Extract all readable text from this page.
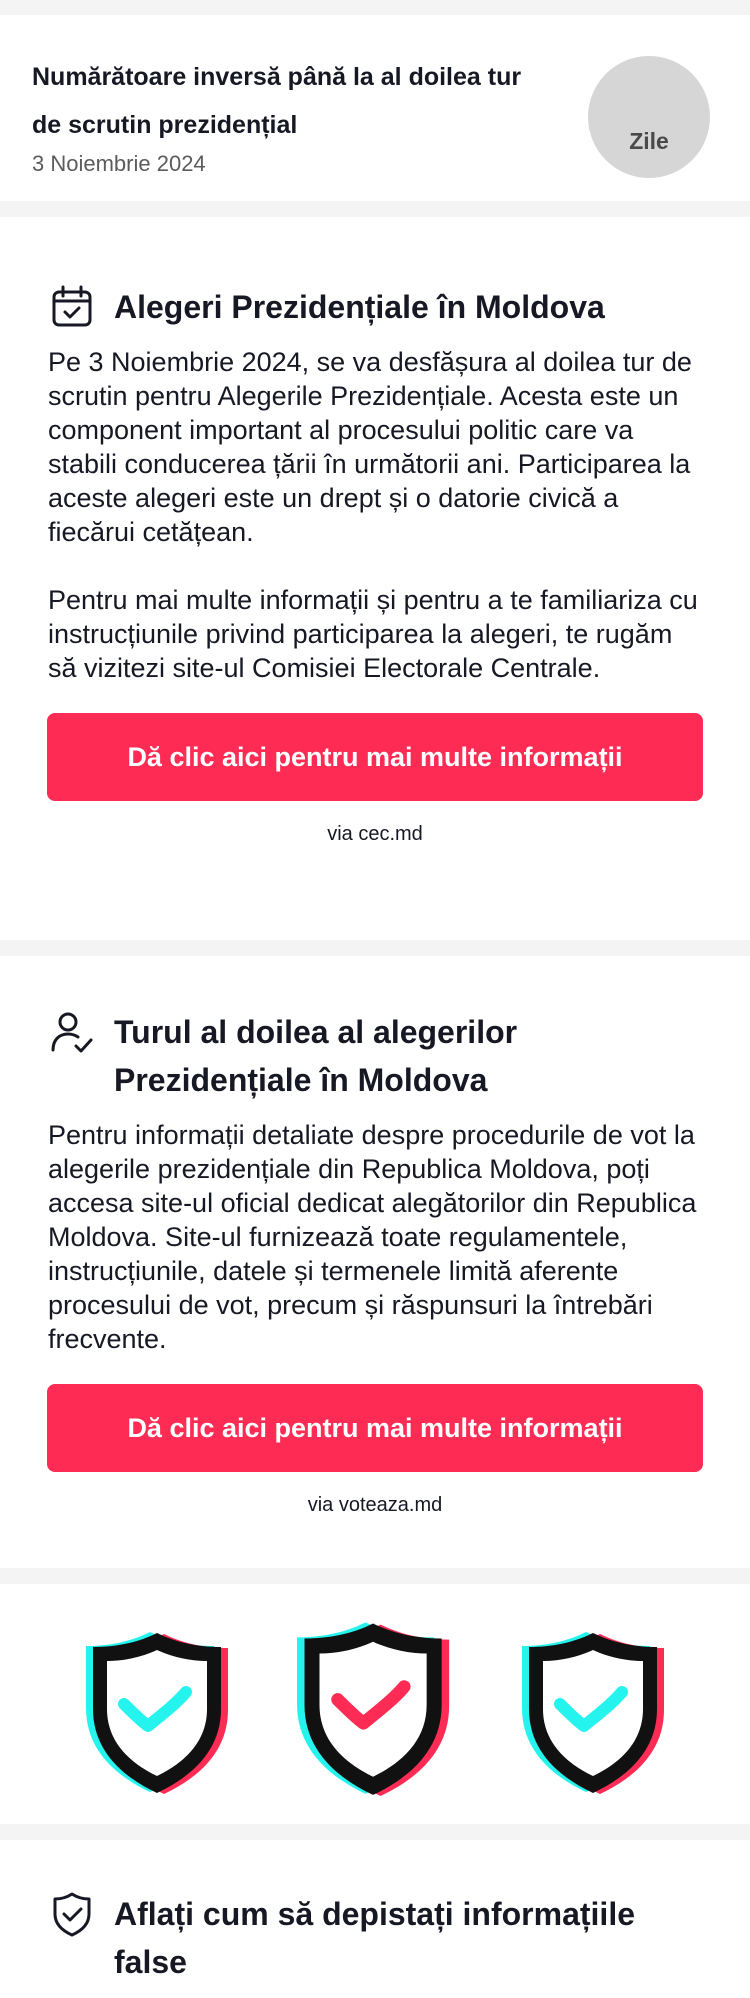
Numărătoare inversă până la al doilea tur de scrutin prezidențial
3 Noiembrie 2024
Zile
Alegeri Prezidențiale în Moldova

Pe 3 Noiembrie 2024, se va desfășura al doilea tur de scrutin pentru Alegerile Prezidențiale. Acesta este un component important al procesului politic care va stabili conducerea țării în următorii ani. Participarea la aceste alegeri este un drept și o datorie civică a fiecărui cetățean.

Pentru mai multe informații și pentru a te familiariza cu instrucțiunile privind participarea la alegeri, te rugăm să vizitezi site-ul Comisiei Electorale Centrale.

Dă clic aici pentru mai multe informații
via cec.md
Turul al doilea al alegerilor Prezidențiale în Moldova

Pentru informații detaliate despre procedurile de vot la alegerile prezidențiale din Republica Moldova, poți accesa site-ul oficial dedicat alegătorilor din Republica Moldova. Site-ul furnizează toate regulamentele, instrucțiunile, datele și termenele limită aferente procesului de vot, precum și răspunsuri la întrebări frecvente.

Dă clic aici pentru mai multe informații
via voteaza.md
Aflați cum să depistați informațiile false
